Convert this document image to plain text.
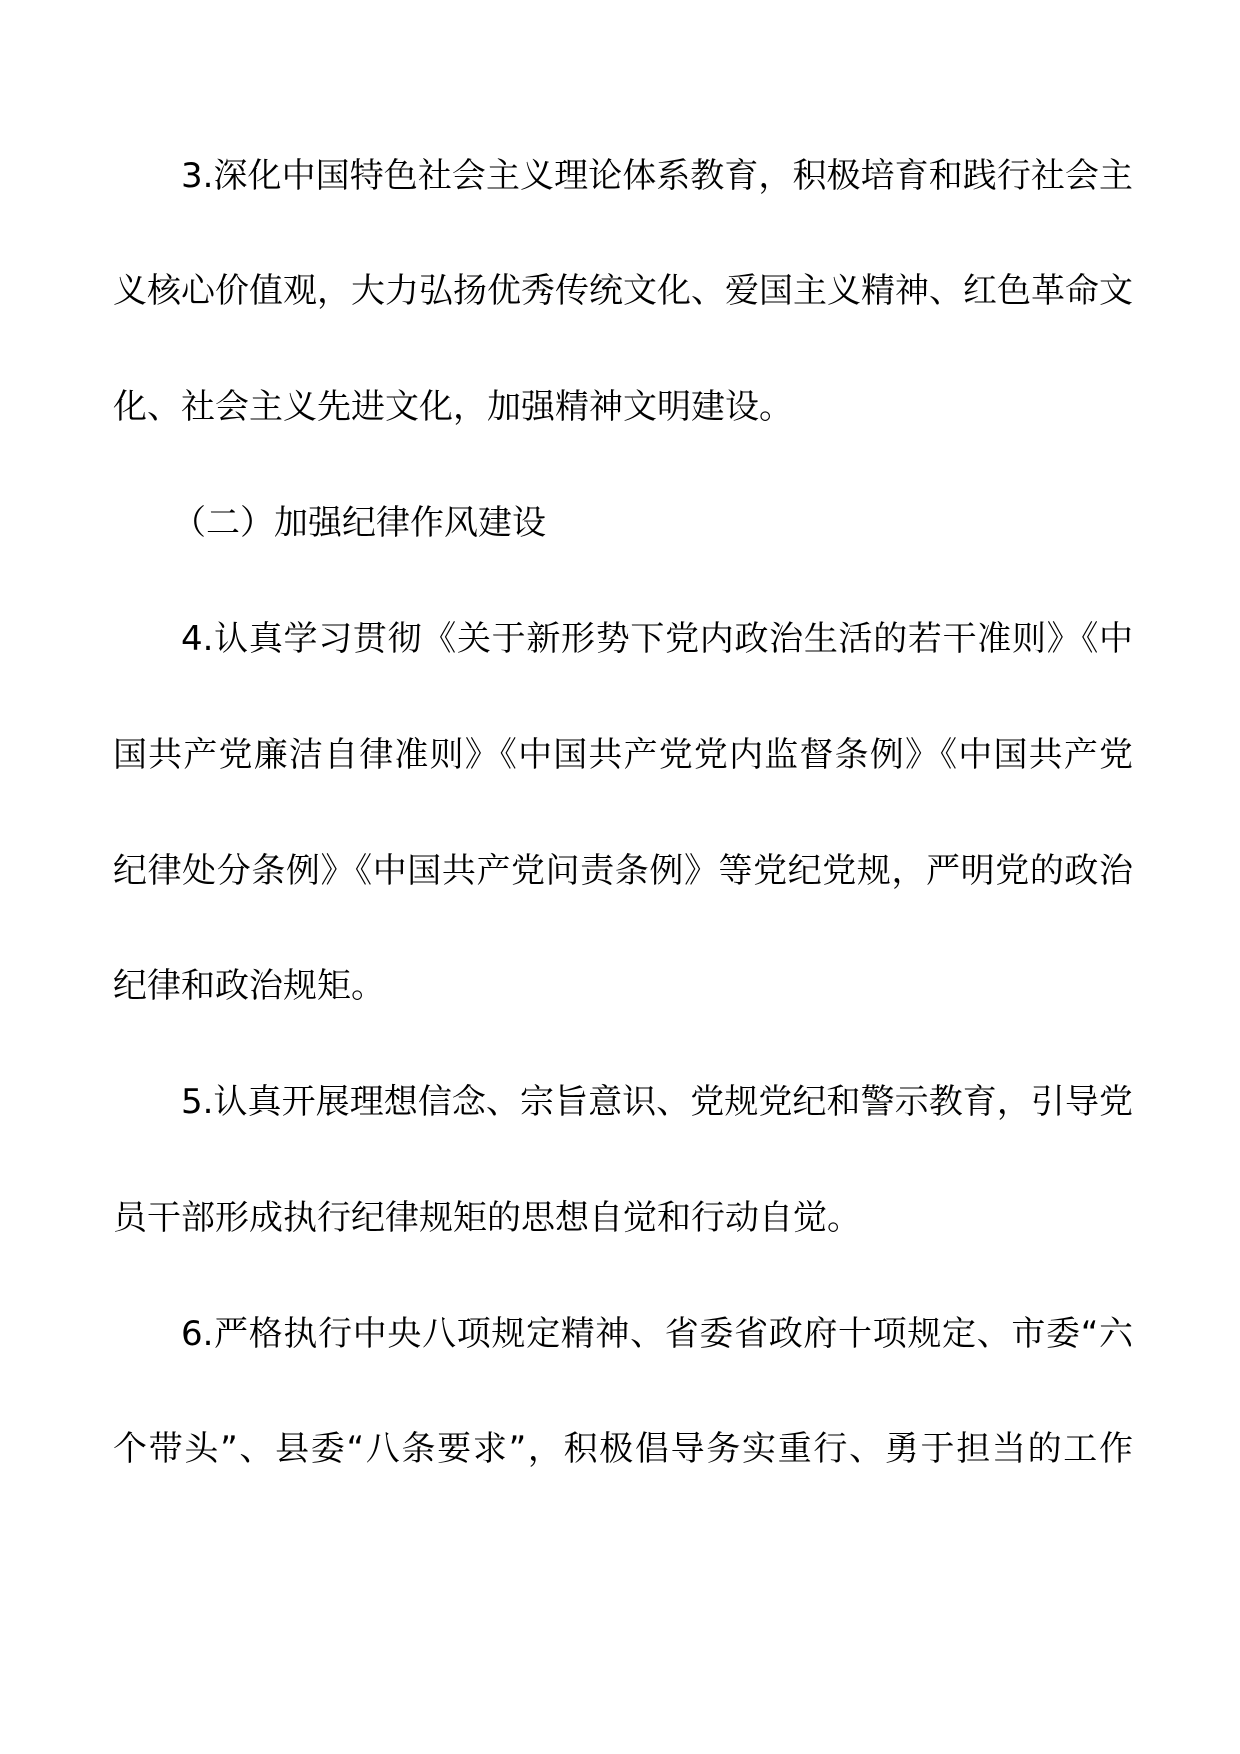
3.深化中国特色社会主义理论体系教育，积极培育和践行社会主
义核心价值观，大力弘扬优秀传统文化、爱国主义精神、红色革命文
化、社会主义先进文化，加强精神文明建设。
（二）加强纪律作风建设
4.认真学习贯彻《关于新形势下党内政治生活的若干准则》《中
国共产党廉洁自律准则》《中国共产党党内监督条例》《中国共产党
纪律处分条例》《中国共产党问责条例》等党纪党规，严明党的政治
纪律和政治规矩。
5.认真开展理想信念、宗旨意识、党规党纪和警示教育，引导党
员干部形成执行纪律规矩的思想自觉和行动自觉。
6.严格执行中央八项规定精神、省委省政府十项规定、市委“六
个带头”、县委“八条要求”，积极倡导务实重行、勇于担当的工作
